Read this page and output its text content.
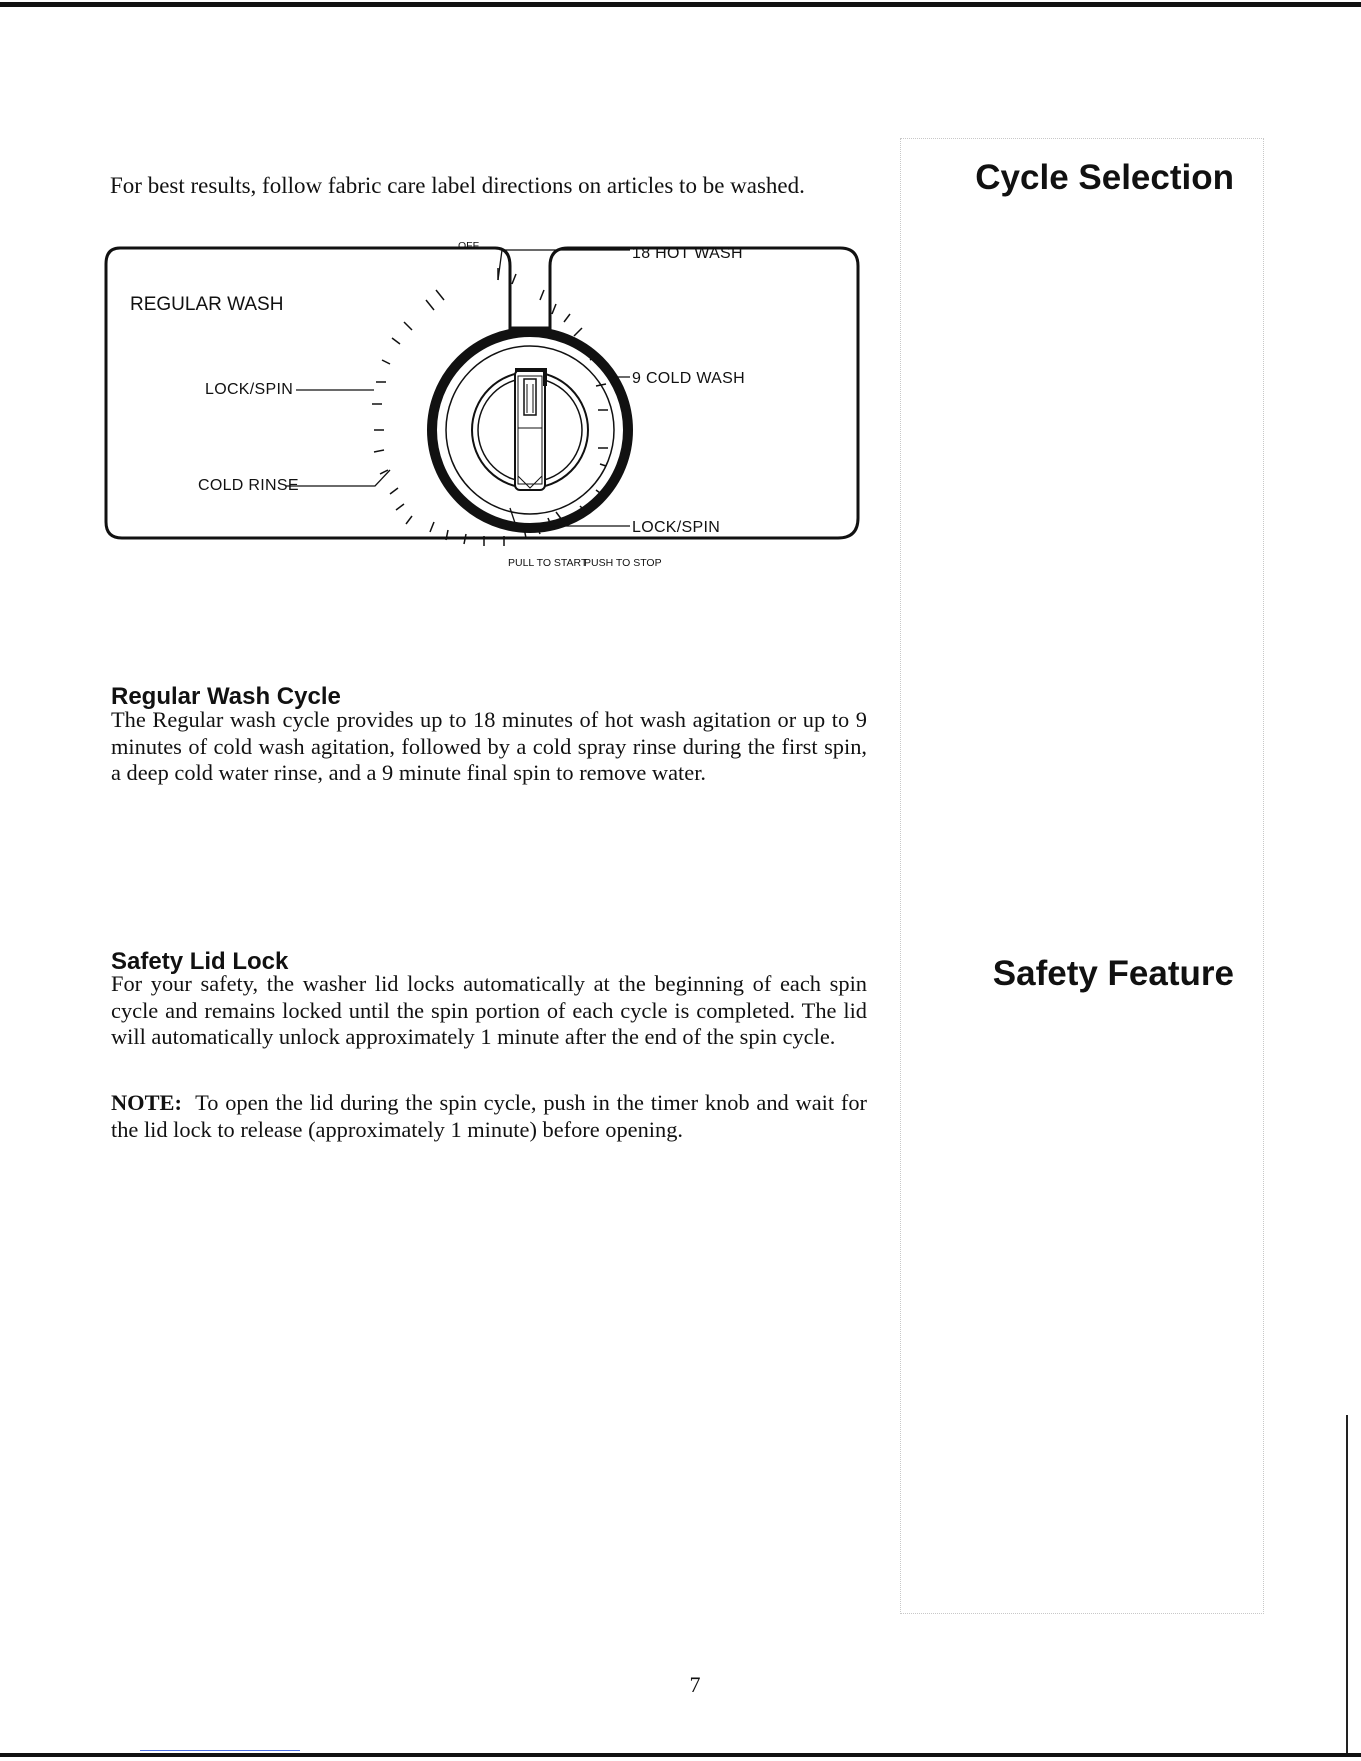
For best results, follow fabric care label directions on articles to be washed.

OFF
REGULAR WASH
LOCK/SPIN
COLD RINSE
18 HOT WASH
9 COLD WASH
LOCK/SPIN
PULL TO START
PUSH TO STOP
Regular Wash Cycle

The Regular wash cycle provides up to 18 minutes of hot wash agitation or up to 9 minutes of cold wash agitation, followed by a cold spray rinse during the first spin, a deep cold water rinse, and a 9 minute final spin to remove water.

Safety Lid Lock

For your safety, the washer lid locks automatically at the beginning of each spin cycle and remains locked until the spin portion of each cycle is completed. The lid will automatically unlock approximately 1 minute after the end of the spin cycle.

NOTE: To open the lid during the spin cycle, push in the timer knob and wait for the lid lock to release (approximately 1 minute) before opening.

Cycle Selection
Safety Feature
7
